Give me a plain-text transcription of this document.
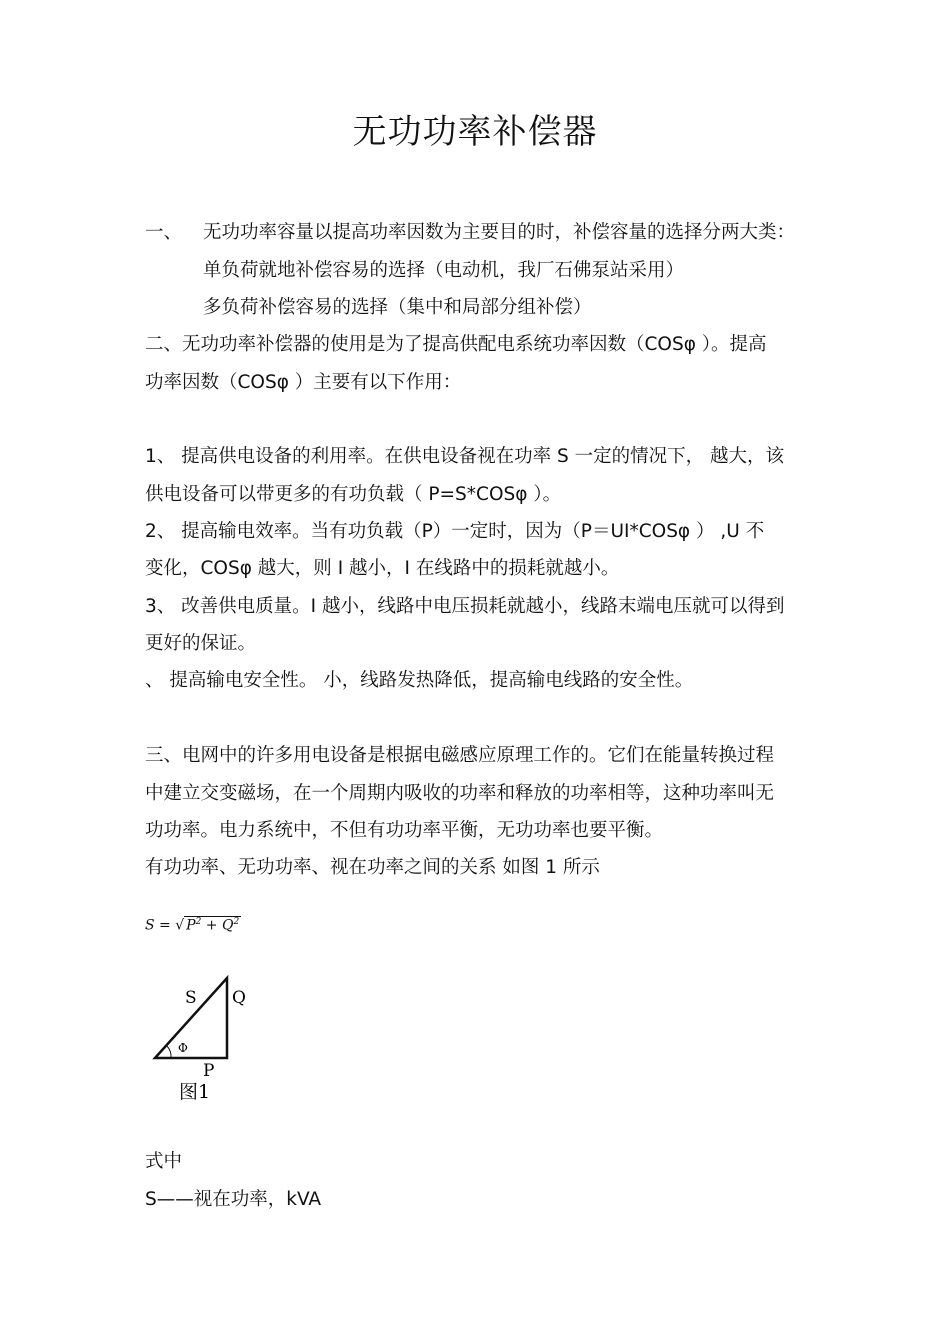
无功功率补偿器
一、 无功功率容量以提高功率因数为主要目的时，补偿容量的选择分两大类：
单负荷就地补偿容易的选择（电动机，我厂石佛泵站采用）
多负荷补偿容易的选择（集中和局部分组补偿）
二、无功功率补偿器的使用是为了提高供配电系统功率因数（COSφ ）。提高
功率因数（COSφ ）主要有以下作用：
1、 提高供电设备的利用率。在供电设备视在功率 S 一定的情况下， 越大，该
供电设备可以带更多的有功负载（ P=S*COSφ ）。
2、 提高输电效率。当有功负载（P）一定时，因为（P＝UI*COSφ ） ,U 不
变化，COSφ 越大，则 I 越小，I 在线路中的损耗就越小。
3、 改善供电质量。I 越小，线路中电压损耗就越小，线路末端电压就可以得到
更好的保证。
、 提高输电安全性。 小，线路发热降低，提高输电线路的安全性。
三、电网中的许多用电设备是根据电磁感应原理工作的。它们在能量转换过程
中建立交变磁场，在一个周期内吸收的功率和释放的功率相等，这种功率叫无
功功率。电力系统中，不但有功功率平衡，无功功率也要平衡。
有功功率、无功功率、视在功率之间的关系 如图 1 所示
S = √ $P^2 + Q^2$
S Q
Φ
P
图1
式中
S——视在功率，kVA
